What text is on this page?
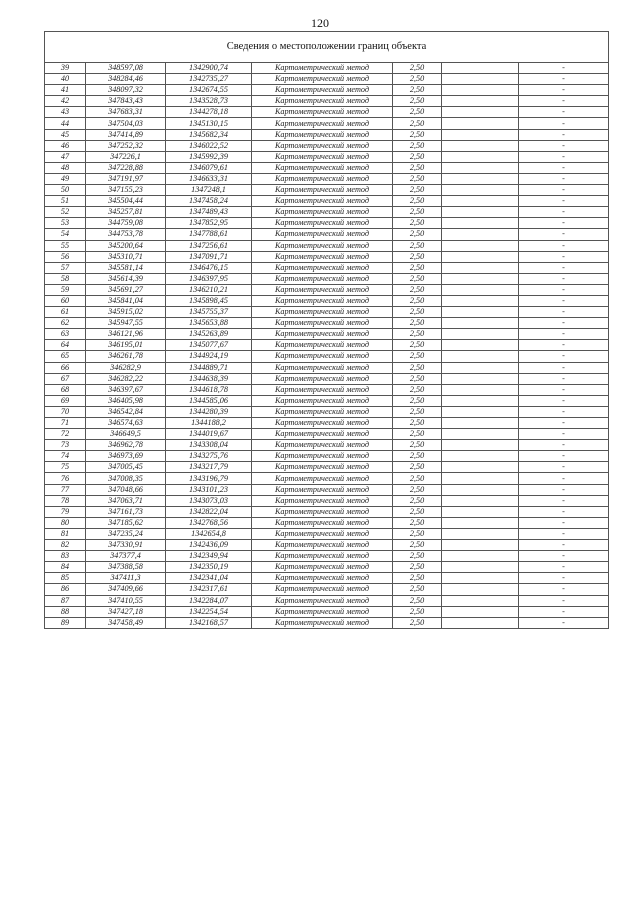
120
Сведения о местоположении границ объекта						
39	348597,08	1342900,74	Картометрический метод	2,50		-
40	348284,46	1342735,27	Картометрический метод	2,50		-
41	348097,32	1342674,55	Картометрический метод	2,50		-
42	347843,43	1343528,73	Картометрический метод	2,50		-
43	347683,31	1344278,18	Картометрический метод	2,50		-
44	347504,03	1345130,15	Картометрический метод	2,50		-
45	347414,89	1345682,34	Картометрический метод	2,50		-
46	347252,32	1346022,52	Картометрический метод	2,50		-
47	347226,1	1345992,39	Картометрический метод	2,50		-
48	347228,88	1346079,61	Картометрический метод	2,50		-
49	347191,97	1346633,31	Картометрический метод	2,50		-
50	347155,23	1347248,1	Картометрический метод	2,50		-
51	345504,44	1347458,24	Картометрический метод	2,50		-
52	345257,81	1347489,43	Картометрический метод	2,50		-
53	344759,08	1347852,95	Картометрический метод	2,50		-
54	344753,78	1347788,61	Картометрический метод	2,50		-
55	345200,64	1347256,61	Картометрический метод	2,50		-
56	345310,71	1347091,71	Картометрический метод	2,50		-
57	345581,14	1346476,15	Картометрический метод	2,50		-
58	345614,39	1346397,95	Картометрический метод	2,50		-
59	345691,27	1346210,21	Картометрический метод	2,50		-
60	345841,04	1345898,45	Картометрический метод	2,50		-
61	345915,02	1345755,37	Картометрический метод	2,50		-
62	345947,55	1345653,88	Картометрический метод	2,50		-
63	346121,96	1345263,89	Картометрический метод	2,50		-
64	346195,01	1345077,67	Картометрический метод	2,50		-
65	346261,78	1344924,19	Картометрический метод	2,50		-
66	346282,9	1344889,71	Картометрический метод	2,50		-
67	346282,22	1344638,39	Картометрический метод	2,50		-
68	346397,67	1344618,78	Картометрический метод	2,50		-
69	346405,98	1344585,06	Картометрический метод	2,50		-
70	346542,84	1344280,39	Картометрический метод	2,50		-
71	346574,63	1344188,2	Картометрический метод	2,50		-
72	346649,5	1344019,67	Картометрический метод	2,50		-
73	346962,78	1343308,04	Картометрический метод	2,50		-
74	346973,69	1343275,76	Картометрический метод	2,50		-
75	347005,45	1343217,79	Картометрический метод	2,50		-
76	347008,35	1343196,79	Картометрический метод	2,50		-
77	347048,66	1343101,23	Картометрический метод	2,50		-
78	347063,71	1343073,03	Картометрический метод	2,50		-
79	347161,73	1342822,04	Картометрический метод	2,50		-
80	347185,62	1342768,56	Картометрический метод	2,50		-
81	347235,24	1342654,8	Картометрический метод	2,50		-
82	347330,91	1342436,09	Картометрический метод	2,50		-
83	347377,4	1342349,94	Картометрический метод	2,50		-
84	347388,58	1342350,19	Картометрический метод	2,50		-
85	347411,3	1342341,04	Картометрический метод	2,50		-
86	347409,66	1342317,61	Картометрический метод	2,50		-
87	347410,55	1342284,07	Картометрический метод	2,50		-
88	347427,18	1342254,54	Картометрический метод	2,50		-
89	347458,49	1342168,57	Картометрический метод	2,50		-
